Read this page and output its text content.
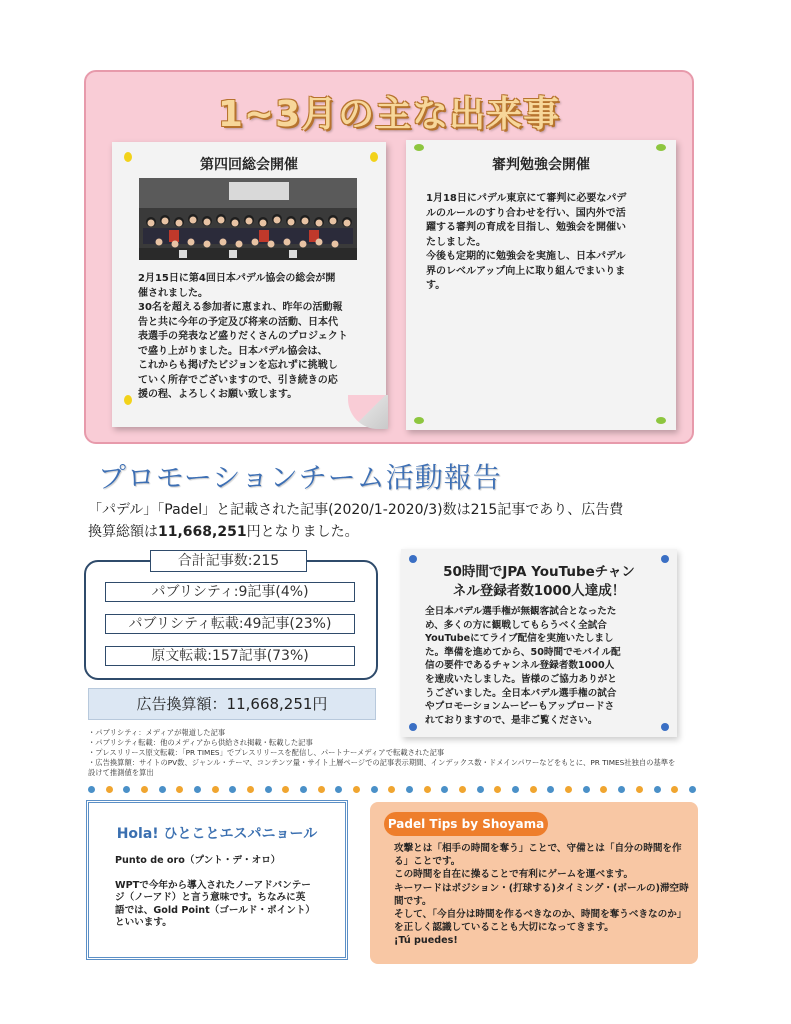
1~3月の主な出来事
第四回総会開催
2月15日に第4回日本パデル協会の総会が開
催されました。
30名を超える参加者に恵まれ、昨年の活動報
告と共に今年の予定及び将来の活動、日本代
表選手の発表など盛りだくさんのプロジェクト
で盛り上がりました。日本パデル協会は、
これからも掲げたビジョンを忘れずに挑戦し
ていく所存でございますので、引き続きの応
援の程、よろしくお願い致します。
審判勉強会開催
1月18日にパデル東京にて審判に必要なパデ
ルのルールのすり合わせを行い、国内外で活
躍する審判の育成を目指し、勉強会を開催い
たしました。
今後も定期的に勉強会を実施し、日本パデル
界のレベルアップ向上に取り組んでまいりま
す。
プロモーションチーム活動報告
「パデル」「Padel」と記載された記事(2020/1-2020/3)数は215記事であり、広告費
換算総額は11,668,251円となりました。
合計記事数:215
パブリシティ:9記事(4%)
パブリシティ転載:49記事(23%)
原文転載:157記事(73%)
広告換算額：11,668,251円
・パブリシティ：メディアが報道した記事
・パブリシティ転載：他のメディアから供給され掲載・転載した記事
・プレスリリース原文転載：「PR TIMES」でプレスリリースを配信し、パートナーメディアで転載された記事
・広告換算額：サイトのPV数、ジャンル・テーマ、コンテンツ量・サイト上層ページでの記事表示期間、インデックス数・ドメインパワーなどをもとに、PR TIMES社独自の基準を
設けて推測値を算出
50時間でJPA YouTubeチャン
ネル登録者数1000人達成！
全日本パデル選手権が無観客試合となったた
め、多くの方に観戦してもらうべく全試合
YouTubeにてライブ配信を実施いたしまし
た。準備を進めてから、50時間でモバイル配
信の要件であるチャンネル登録者数1000人
を達成いたしました。皆様のご協力ありがと
うございました。全日本パデル選手権の試合
やプロモーションムービーもアップロードさ
れておりますので、是非ご覧ください。
Hola! ひとことエスパニョール
Punto de oro（プント・デ・オロ）
WPTで今年から導入されたノーアドバンテー
ジ（ノーアド）と言う意味です。ちなみに英
語では、Gold Point（ゴールド・ポイント）
といいます。
Padel Tips by Shoyama
攻撃とは「相手の時間を奪う」ことで、守備とは「自分の時間を作
る」ことです。
この時間を自在に操ることで有利にゲームを運べます。
キーワードはポジション・(打球する)タイミング・(ボールの)滞空時
間です。
そして、「今自分は時間を作るべきなのか、時間を奪うべきなのか」
を正しく認識していることも大切になってきます。
¡Tú puedes!
